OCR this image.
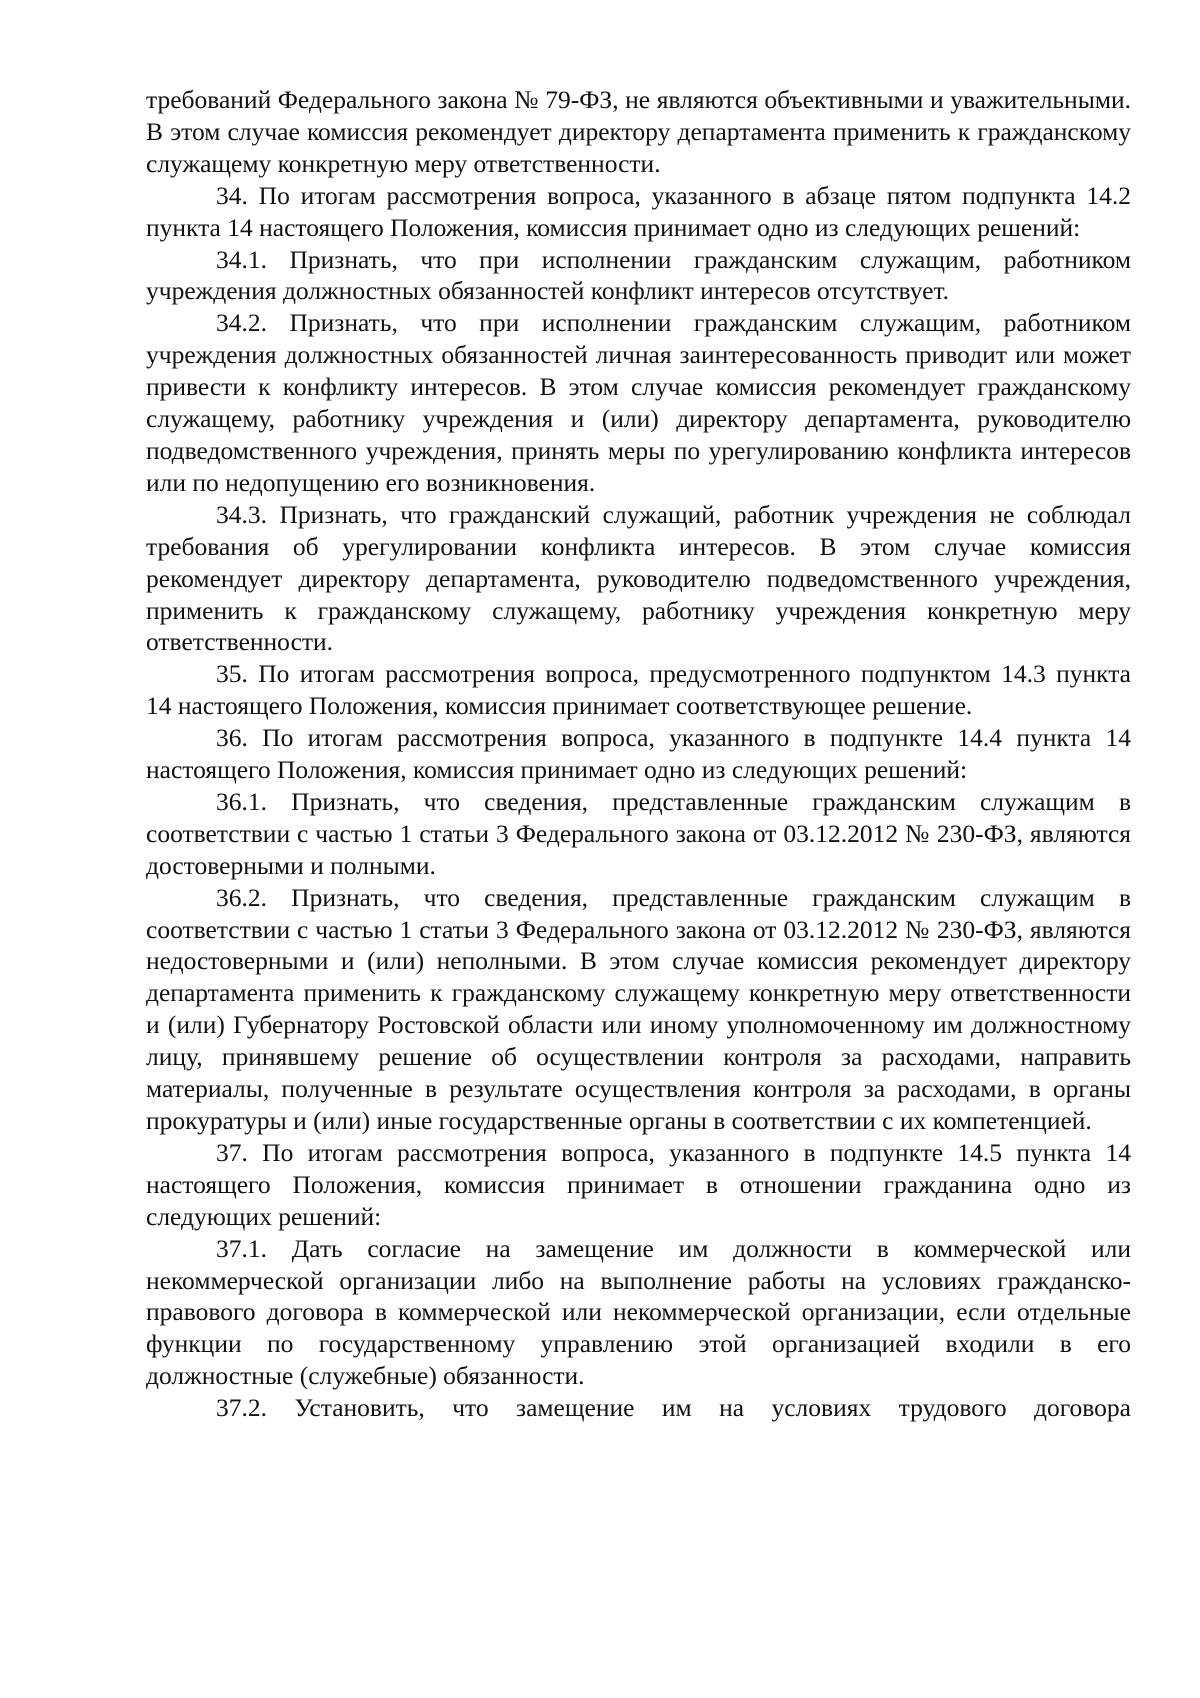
требований Федерального закона № 79-ФЗ, не являются объективными и уважительными. В этом случае комиссия рекомендует директору департамента применить к гражданскому служащему конкретную меру ответственности.

34. По итогам рассмотрения вопроса, указанного в абзаце пятом подпункта 14.2 пункта 14 настоящего Положения, комиссия принимает одно из следующих решений:

34.1. Признать, что при исполнении гражданским служащим, работником учреждения должностных обязанностей конфликт интересов отсутствует.

34.2. Признать, что при исполнении гражданским служащим, работником учреждения должностных обязанностей личная заинтересованность приводит или может привести к конфликту интересов. В этом случае комиссия рекомендует гражданскому служащему, работнику учреждения и (или) директору департамента, руководителю подведомственного учреждения, принять меры по урегулированию конфликта интересов или по недопущению его возникновения.

34.3. Признать, что гражданский служащий, работник учреждения не соблюдал требования об урегулировании конфликта интересов. В этом случае комиссия рекомендует директору департамента, руководителю подведомственного учреждения, применить к гражданскому служащему, работнику учреждения конкретную меру ответственности.

35. По итогам рассмотрения вопроса, предусмотренного подпунктом 14.3 пункта 14 настоящего Положения, комиссия принимает соответствующее решение.

36. По итогам рассмотрения вопроса, указанного в подпункте 14.4 пункта 14 настоящего Положения, комиссия принимает одно из следующих решений:

36.1. Признать, что сведения, представленные гражданским служащим в соответствии с частью 1 статьи 3 Федерального закона от 03.12.2012 № 230-ФЗ, являются достоверными и полными.

36.2. Признать, что сведения, представленные гражданским служащим в соответствии с частью 1 статьи 3 Федерального закона от 03.12.2012 № 230-ФЗ, являются недостоверными и (или) неполными. В этом случае комиссия рекомендует директору департамента применить к гражданскому служащему конкретную меру ответственности и (или) Губернатору Ростовской области или иному уполномоченному им должностному лицу, принявшему решение об осуществлении контроля за расходами, направить материалы, полученные в результате осуществления контроля за расходами, в органы прокуратуры и (или) иные государственные органы в соответствии с их компетенцией.

37. По итогам рассмотрения вопроса, указанного в подпункте 14.5 пункта 14 настоящего Положения, комиссия принимает в отношении гражданина одно из следующих решений:

37.1. Дать согласие на замещение им должности в коммерческой или некоммерческой организации либо на выполнение работы на условиях гражданско-правового договора в коммерческой или некоммерческой организации, если отдельные функции по государственному управлению этой организацией входили в его должностные (служебные) обязанности.

37.2. Установить, что замещение им на условиях трудового договора
